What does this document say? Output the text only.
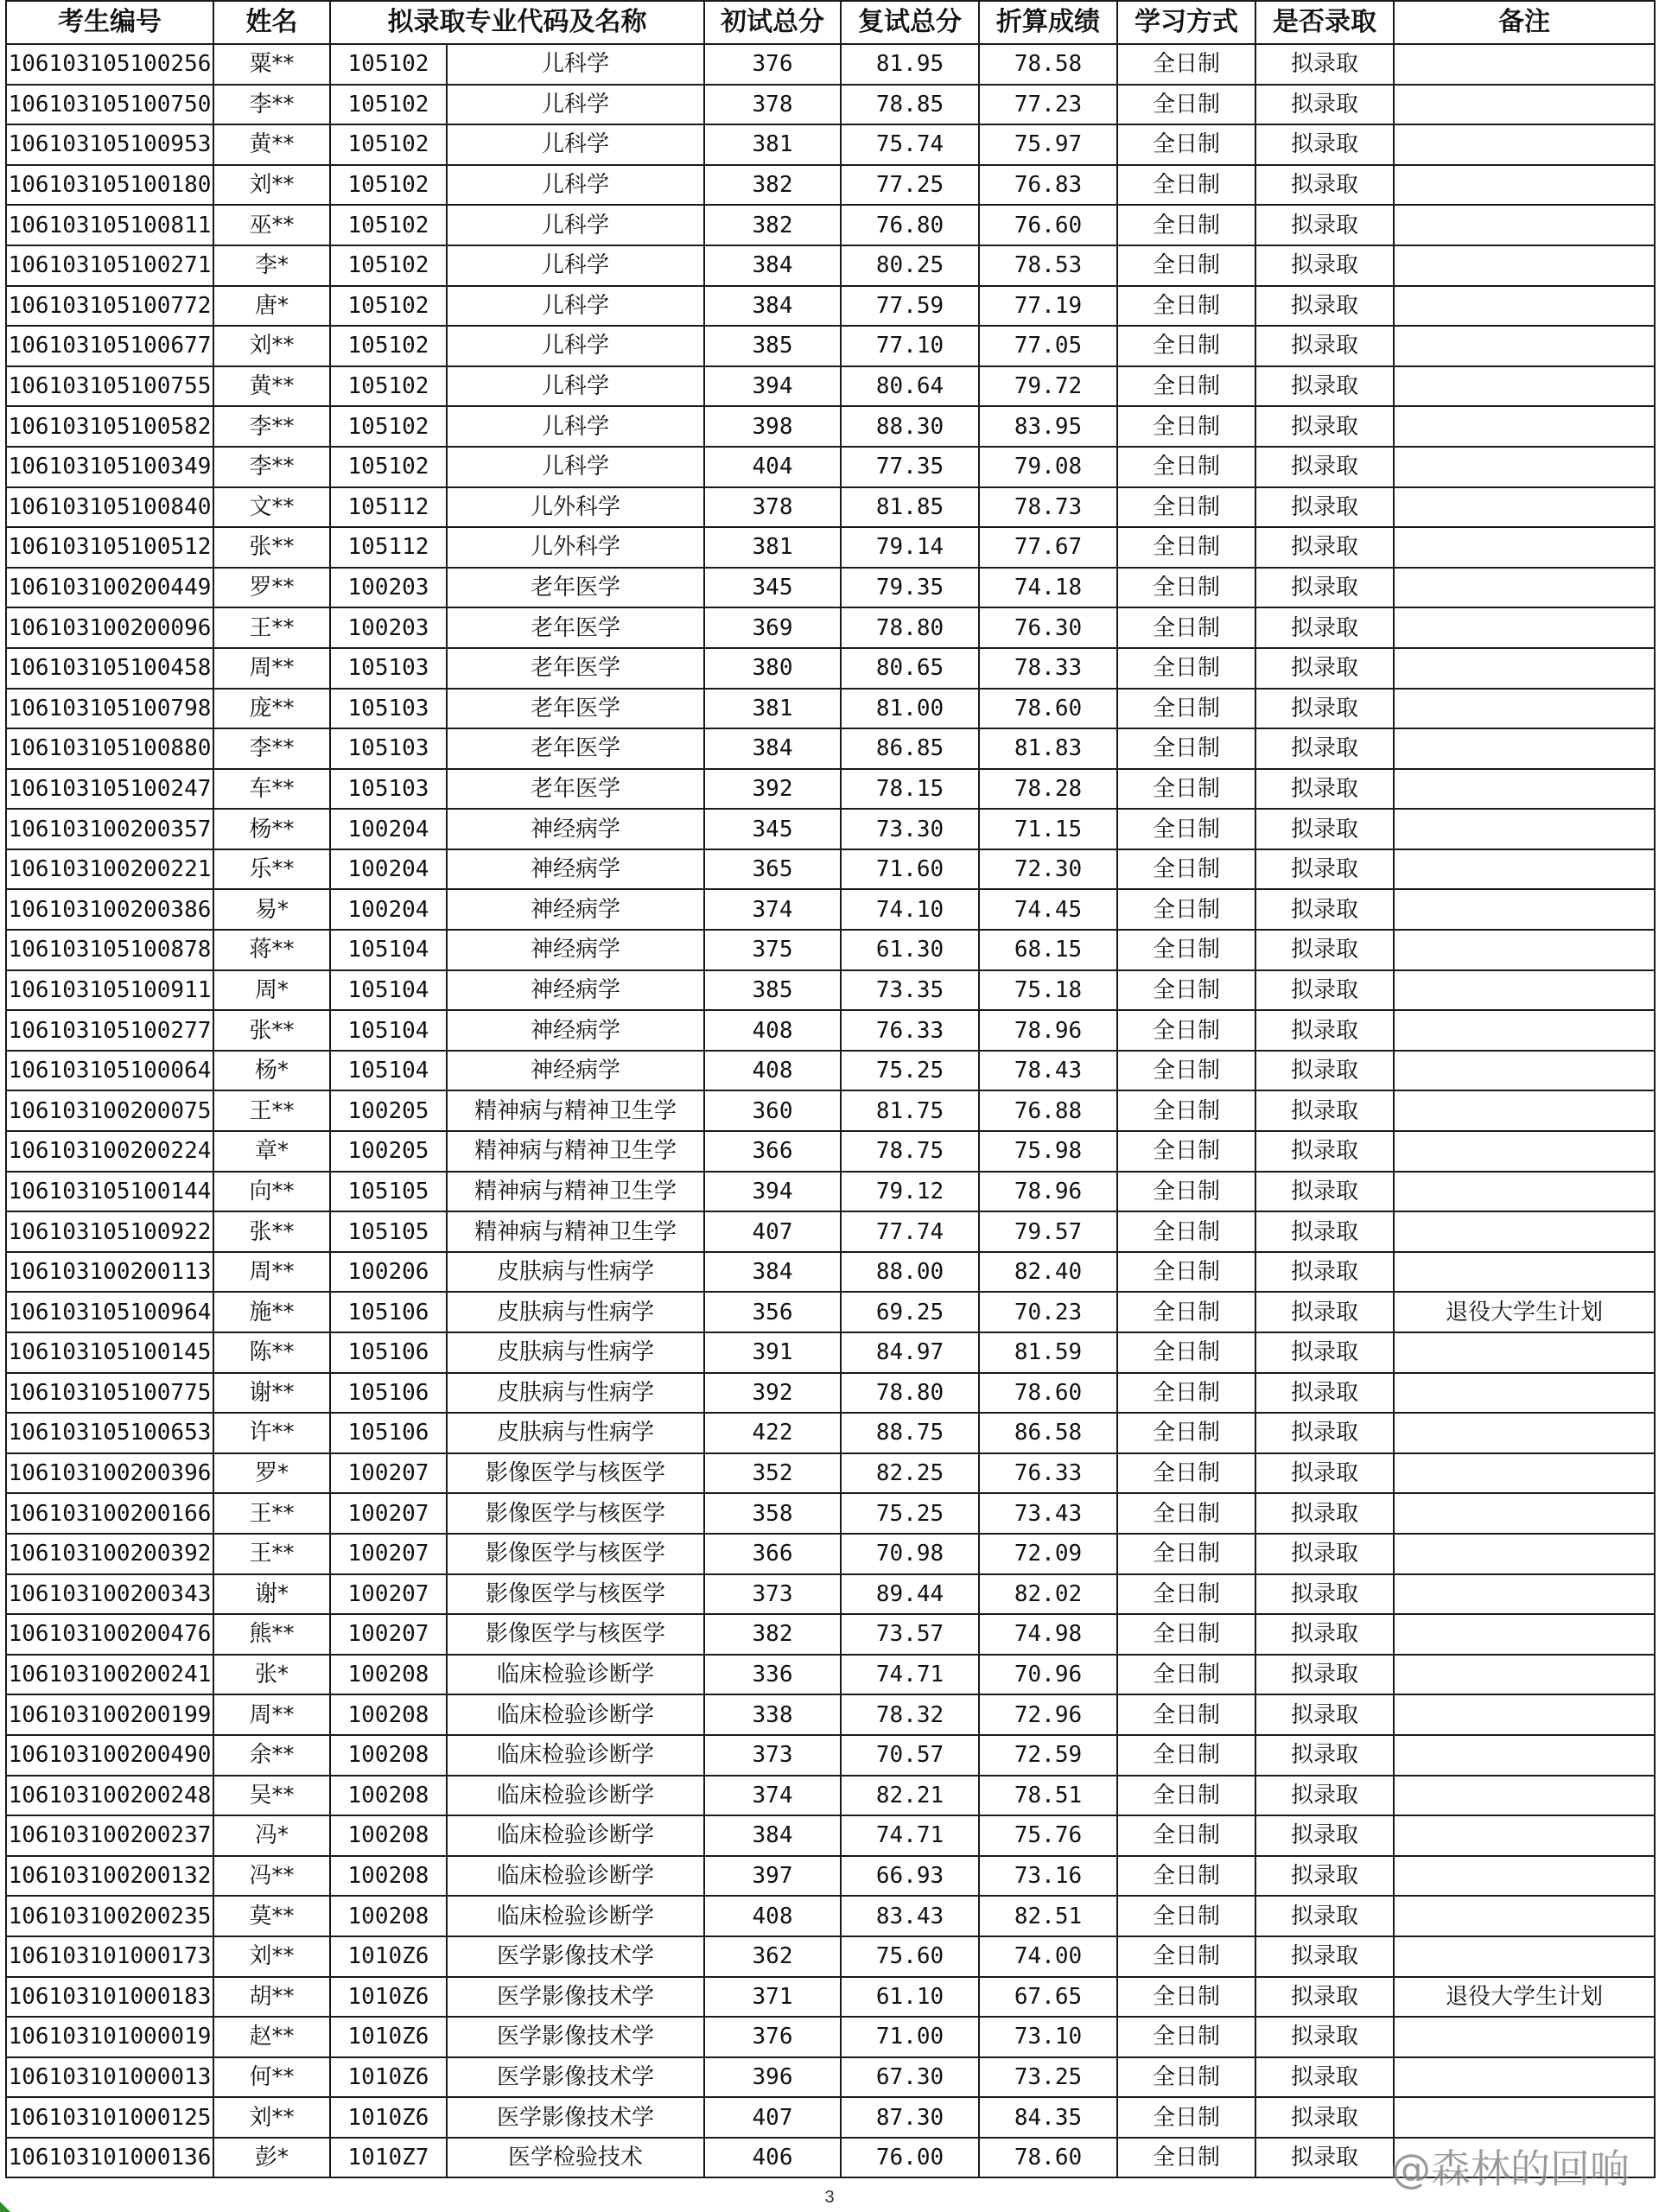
考生编号	姓名	拟录取专业代码及名称		初试总分	复试总分	折算成绩	学习方式	是否录取	备注
106103105100256	粟**	105102	儿科学	376	81.95	78.58	全日制	拟录取	
106103105100750	李**	105102	儿科学	378	78.85	77.23	全日制	拟录取	
106103105100953	黄**	105102	儿科学	381	75.74	75.97	全日制	拟录取	
106103105100180	刘**	105102	儿科学	382	77.25	76.83	全日制	拟录取	
106103105100811	巫**	105102	儿科学	382	76.80	76.60	全日制	拟录取	
106103105100271	李*	105102	儿科学	384	80.25	78.53	全日制	拟录取	
106103105100772	唐*	105102	儿科学	384	77.59	77.19	全日制	拟录取	
106103105100677	刘**	105102	儿科学	385	77.10	77.05	全日制	拟录取	
106103105100755	黄**	105102	儿科学	394	80.64	79.72	全日制	拟录取	
106103105100582	李**	105102	儿科学	398	88.30	83.95	全日制	拟录取	
106103105100349	李**	105102	儿科学	404	77.35	79.08	全日制	拟录取	
106103105100840	文**	105112	儿外科学	378	81.85	78.73	全日制	拟录取	
106103105100512	张**	105112	儿外科学	381	79.14	77.67	全日制	拟录取	
106103100200449	罗**	100203	老年医学	345	79.35	74.18	全日制	拟录取	
106103100200096	王**	100203	老年医学	369	78.80	76.30	全日制	拟录取	
106103105100458	周**	105103	老年医学	380	80.65	78.33	全日制	拟录取	
106103105100798	庞**	105103	老年医学	381	81.00	78.60	全日制	拟录取	
106103105100880	李**	105103	老年医学	384	86.85	81.83	全日制	拟录取	
106103105100247	车**	105103	老年医学	392	78.15	78.28	全日制	拟录取	
106103100200357	杨**	100204	神经病学	345	73.30	71.15	全日制	拟录取	
106103100200221	乐**	100204	神经病学	365	71.60	72.30	全日制	拟录取	
106103100200386	易*	100204	神经病学	374	74.10	74.45	全日制	拟录取	
106103105100878	蒋**	105104	神经病学	375	61.30	68.15	全日制	拟录取	
106103105100911	周*	105104	神经病学	385	73.35	75.18	全日制	拟录取	
106103105100277	张**	105104	神经病学	408	76.33	78.96	全日制	拟录取	
106103105100064	杨*	105104	神经病学	408	75.25	78.43	全日制	拟录取	
106103100200075	王**	100205	精神病与精神卫生学	360	81.75	76.88	全日制	拟录取	
106103100200224	章*	100205	精神病与精神卫生学	366	78.75	75.98	全日制	拟录取	
106103105100144	向**	105105	精神病与精神卫生学	394	79.12	78.96	全日制	拟录取	
106103105100922	张**	105105	精神病与精神卫生学	407	77.74	79.57	全日制	拟录取	
106103100200113	周**	100206	皮肤病与性病学	384	88.00	82.40	全日制	拟录取	
106103105100964	施**	105106	皮肤病与性病学	356	69.25	70.23	全日制	拟录取	退役大学生计划
106103105100145	陈**	105106	皮肤病与性病学	391	84.97	81.59	全日制	拟录取	
106103105100775	谢**	105106	皮肤病与性病学	392	78.80	78.60	全日制	拟录取	
106103105100653	许**	105106	皮肤病与性病学	422	88.75	86.58	全日制	拟录取	
106103100200396	罗*	100207	影像医学与核医学	352	82.25	76.33	全日制	拟录取	
106103100200166	王**	100207	影像医学与核医学	358	75.25	73.43	全日制	拟录取	
106103100200392	王**	100207	影像医学与核医学	366	70.98	72.09	全日制	拟录取	
106103100200343	谢*	100207	影像医学与核医学	373	89.44	82.02	全日制	拟录取	
106103100200476	熊**	100207	影像医学与核医学	382	73.57	74.98	全日制	拟录取	
106103100200241	张*	100208	临床检验诊断学	336	74.71	70.96	全日制	拟录取	
106103100200199	周**	100208	临床检验诊断学	338	78.32	72.96	全日制	拟录取	
106103100200490	余**	100208	临床检验诊断学	373	70.57	72.59	全日制	拟录取	
106103100200248	吴**	100208	临床检验诊断学	374	82.21	78.51	全日制	拟录取	
106103100200237	冯*	100208	临床检验诊断学	384	74.71	75.76	全日制	拟录取	
106103100200132	冯**	100208	临床检验诊断学	397	66.93	73.16	全日制	拟录取	
106103100200235	莫**	100208	临床检验诊断学	408	83.43	82.51	全日制	拟录取	
106103101000173	刘**	1010Z6	医学影像技术学	362	75.60	74.00	全日制	拟录取	
106103101000183	胡**	1010Z6	医学影像技术学	371	61.10	67.65	全日制	拟录取	退役大学生计划
106103101000019	赵**	1010Z6	医学影像技术学	376	71.00	73.10	全日制	拟录取	
106103101000013	何**	1010Z6	医学影像技术学	396	67.30	73.25	全日制	拟录取	
106103101000125	刘**	1010Z6	医学影像技术学	407	87.30	84.35	全日制	拟录取	
106103101000136	彭*	1010Z7	医学检验技术	406	76.00	78.60	全日制	拟录取	
3
@森林的回响
